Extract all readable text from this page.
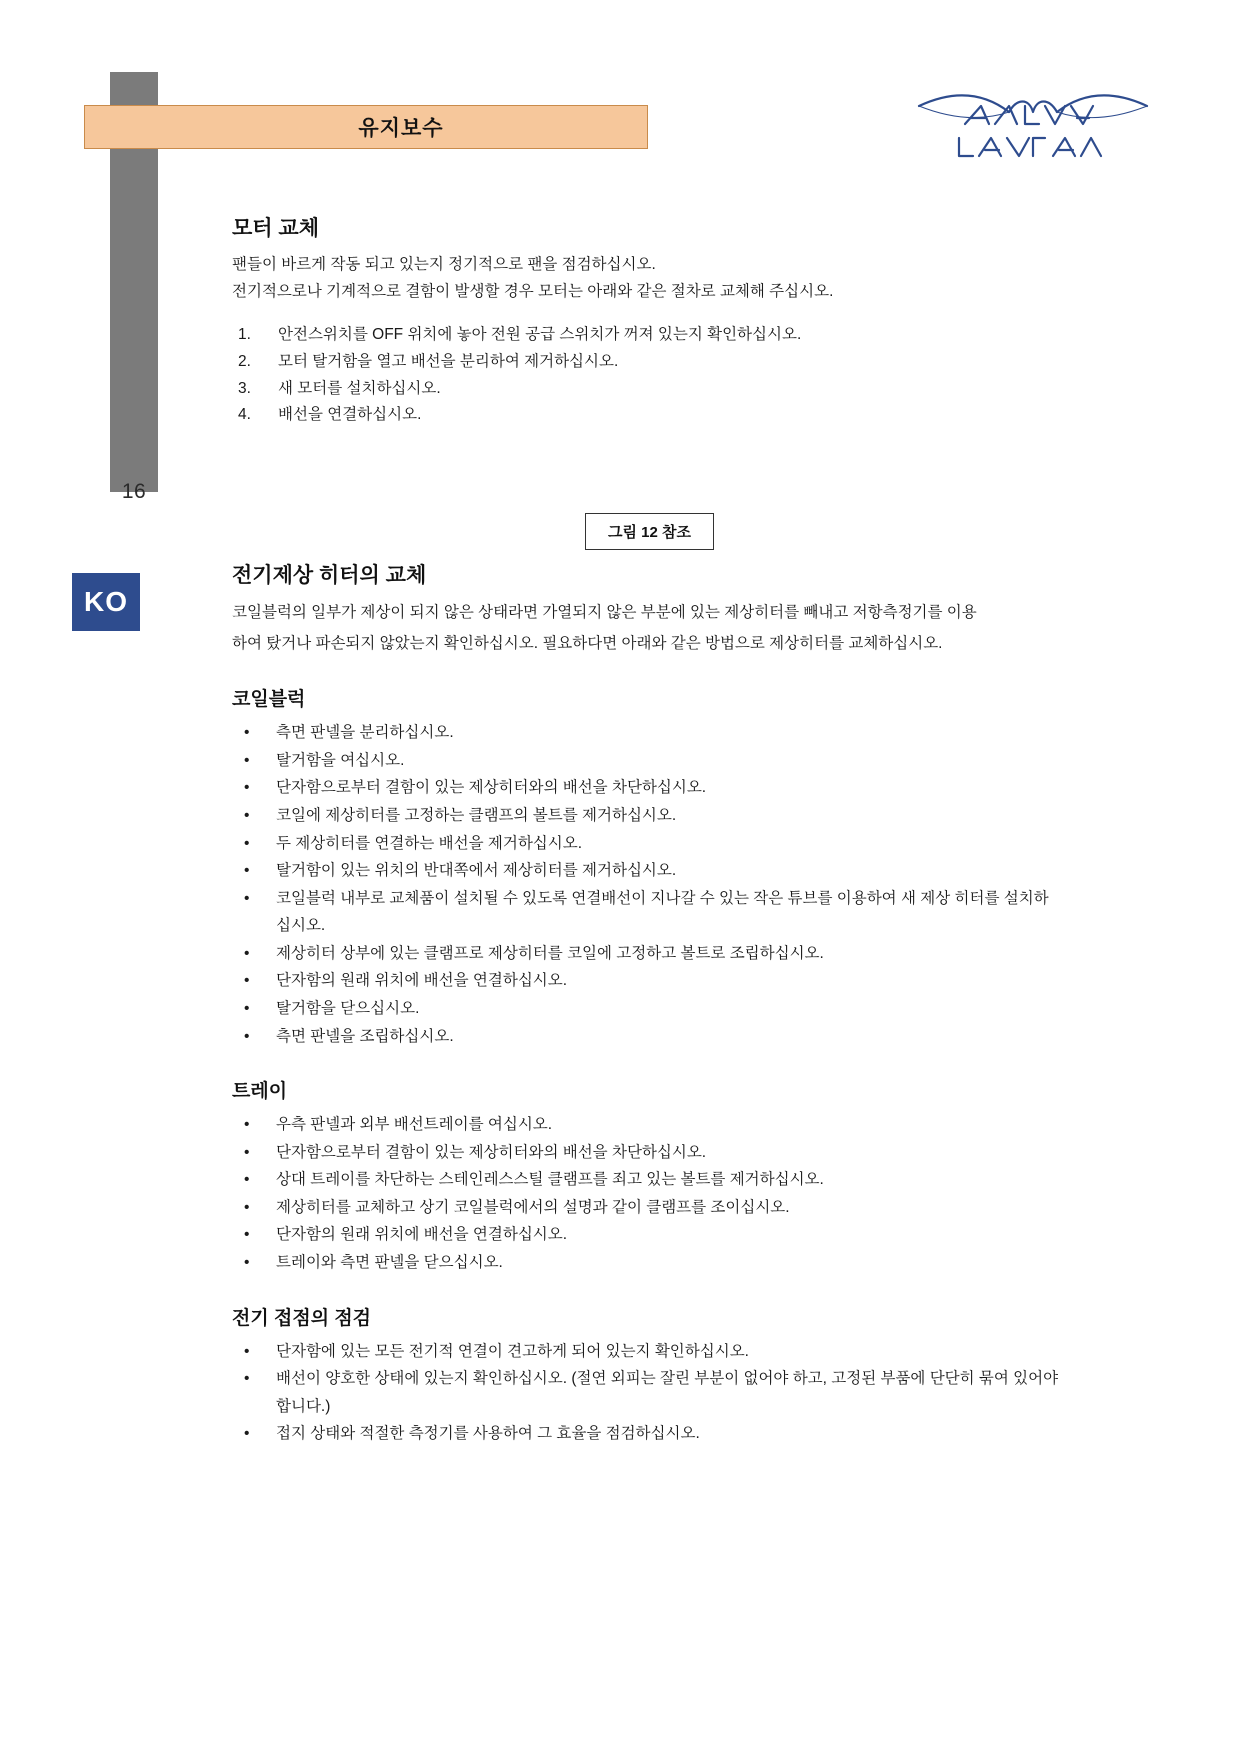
16
KO
유지보수
그림 12 참조
모터 교체

팬들이 바르게 작동 되고 있는지 정기적으로 팬을 점검하십시오.

전기적으로나 기계적으로 결함이 발생할 경우 모터는 아래와 같은 절차로 교체해 주십시오.

1.	안전스위치를 OFF 위치에 놓아 전원 공급 스위치가 꺼져 있는지 확인하십시오.
2.	모터 탈거함을 열고 배선을 분리하여 제거하십시오.
3.	새 모터를 설치하십시오.
4.	배선을 연결하십시오.
전기제상 히터의 교체

코일블럭의 일부가 제상이 되지 않은 상태라면 가열되지 않은 부분에 있는 제상히터를 빼내고 저항측정기를 이용

하여 탔거나 파손되지 않았는지 확인하십시오. 필요하다면 아래와 같은 방법으로 제상히터를 교체하십시오.

코일블럭
• 측면 판넬을 분리하십시오.
• 탈거함을 여십시오.
• 단자함으로부터 결함이 있는 제상히터와의 배선을 차단하십시오.
• 코일에 제상히터를 고정하는 클램프의 볼트를 제거하십시오.
• 두 제상히터를 연결하는 배선을 제거하십시오.
• 탈거함이 있는 위치의 반대쪽에서 제상히터를 제거하십시오.
• 코일블럭 내부로 교체품이 설치될 수 있도록 연결배선이 지나갈 수 있는 작은 튜브를 이용하여 새 제상 히터를 설치하십시오.
• 제상히터 상부에 있는 클램프로 제상히터를 코일에 고정하고 볼트로 조립하십시오.
• 단자함의 원래 위치에 배선을 연결하십시오.
• 탈거함을 닫으십시오.
• 측면 판넬을 조립하십시오.
트레이
• 우측 판넬과 외부 배선트레이를 여십시오.
• 단자함으로부터 결함이 있는 제상히터와의 배선을 차단하십시오.
• 상대 트레이를 차단하는 스테인레스스틸 클램프를 죄고 있는 볼트를 제거하십시오.
• 제상히터를 교체하고 상기 코일블럭에서의 설명과 같이 클램프를 조이십시오.
• 단자함의 원래 위치에 배선을 연결하십시오.
• 트레이와 측면 판넬을 닫으십시오.
전기 접점의 점검
• 단자함에 있는 모든 전기적 연결이 견고하게 되어 있는지 확인하십시오.
• 배선이 양호한 상태에 있는지 확인하십시오. (절연 외피는 잘린 부분이 없어야 하고, 고정된 부품에 단단히 묶여 있어야 합니다.)
• 접지 상태와 적절한 측정기를 사용하여 그 효율을 점검하십시오.
